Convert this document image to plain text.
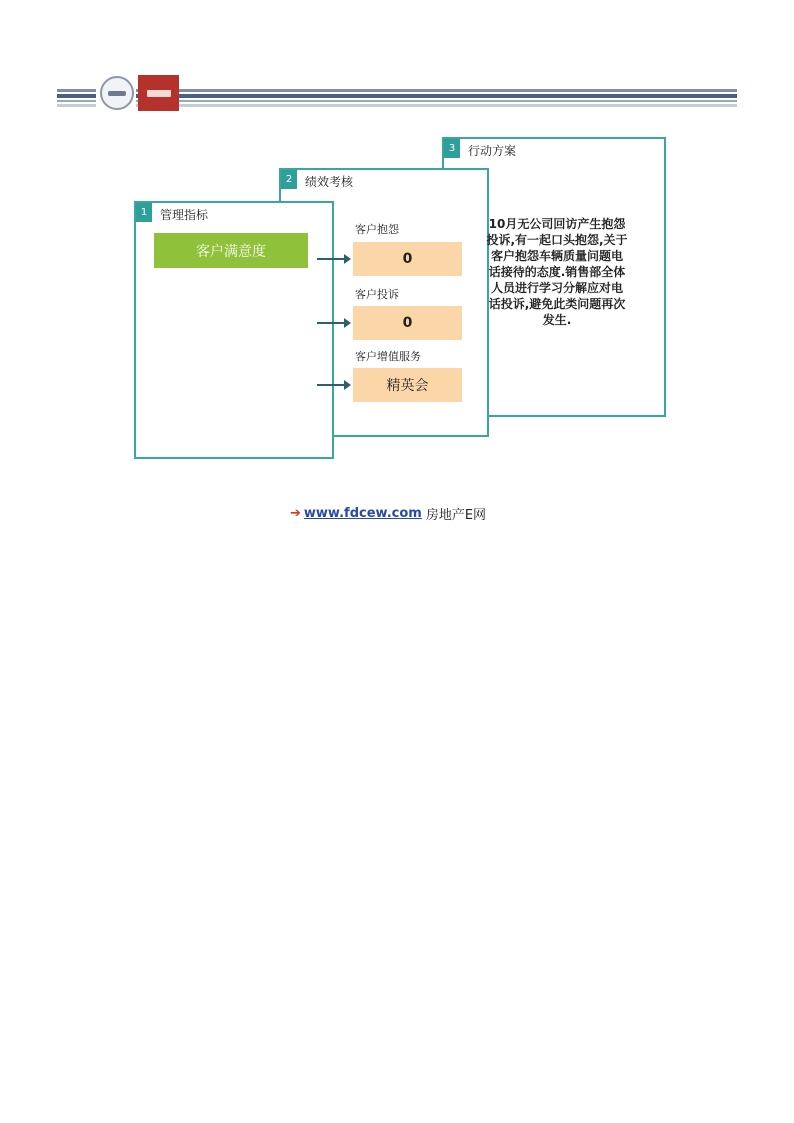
3	行动方案
2	绩效考核
1	管理指标
客户满意度
客户抱怨
0
客户投诉
0
客户增值服务
精英会
10月无公司回访产生抱怨投诉,有一起口头抱怨,关于客户抱怨车辆质量问题电话接待的态度.销售部全体人员进行学习分解应对电话投诉,避免此类问题再次发生.
➔ www.fdcew.com 房地产E网
